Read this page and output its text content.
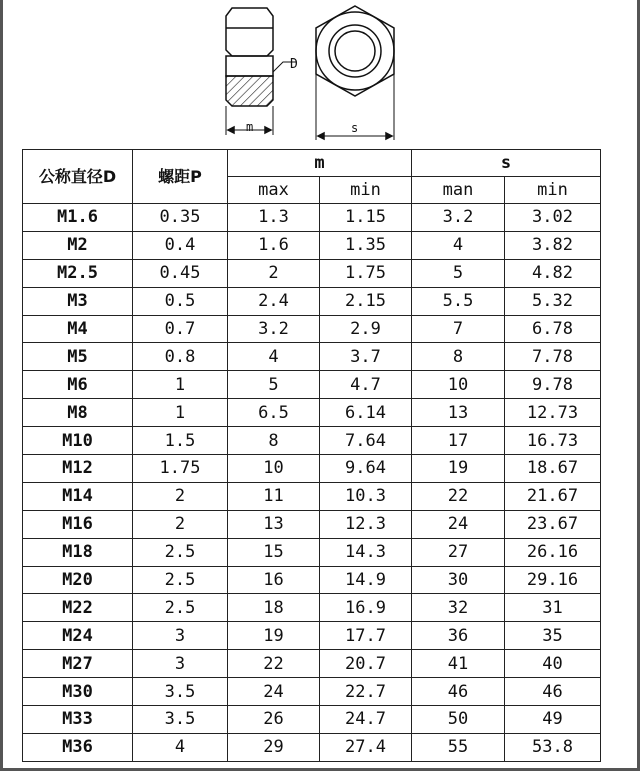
D
m	s
公称直径D	螺距P	m		s	
		max	min	man	min
M1.6	0.35	1.3	1.15	3.2	3.02
M2	0.4	1.6	1.35	4	3.82
M2.5	0.45	2	1.75	5	4.82
M3	0.5	2.4	2.15	5.5	5.32
M4	0.7	3.2	2.9	7	6.78
M5	0.8	4	3.7	8	7.78
M6	1	5	4.7	10	9.78
M8	1	6.5	6.14	13	12.73
M10	1.5	8	7.64	17	16.73
M12	1.75	10	9.64	19	18.67
M14	2	11	10.3	22	21.67
M16	2	13	12.3	24	23.67
M18	2.5	15	14.3	27	26.16
M20	2.5	16	14.9	30	29.16
M22	2.5	18	16.9	32	31
M24	3	19	17.7	36	35
M27	3	22	20.7	41	40
M30	3.5	24	22.7	46	46
M33	3.5	26	24.7	50	49
M36	4	29	27.4	55	53.8
